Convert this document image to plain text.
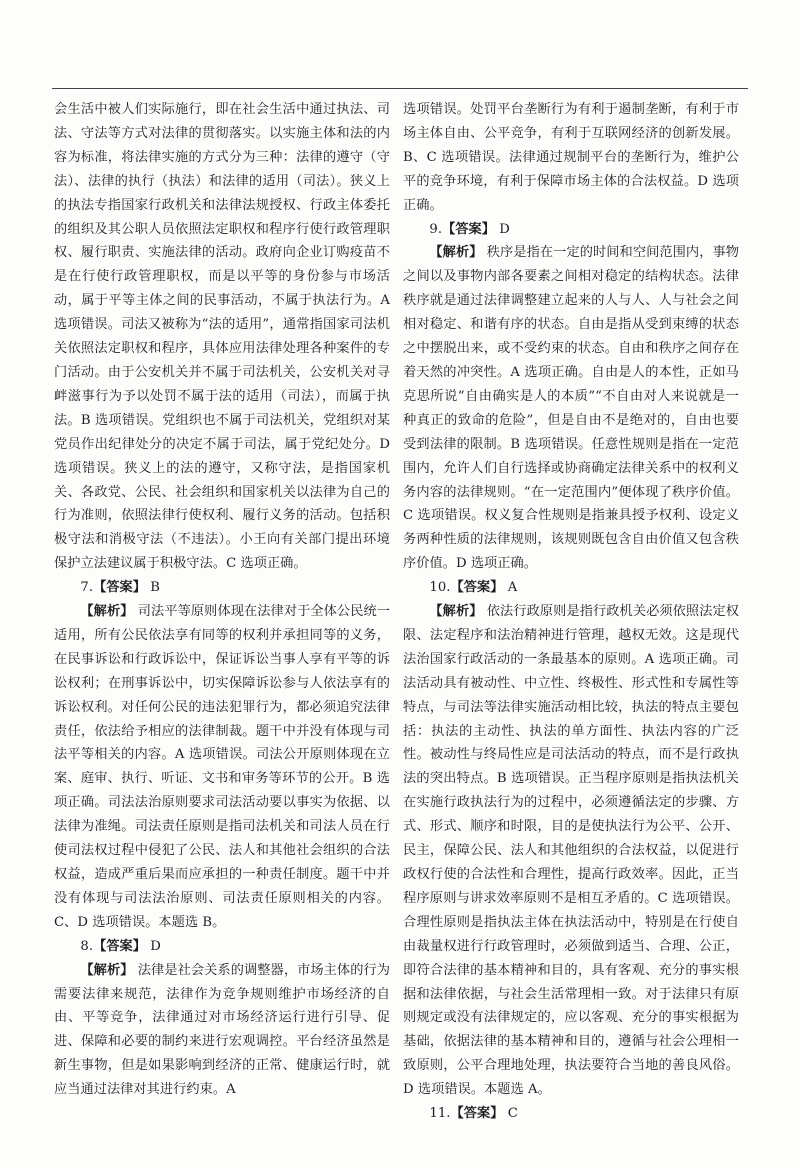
会生活中被人们实际施行，即在社会生活中通过执法、司法、守法等方式对法律的贯彻落实。以实施主体和法的内容为标准，将法律实施的方式分为三种：法律的遵守（守法）、法律的执行（执法）和法律的适用（司法）。狭义上的执法专指国家行政机关和法律法规授权、行政主体委托的组织及其公职人员依照法定职权和程序行使行政管理职权、履行职责、实施法律的活动。政府向企业订购疫苗不是在行使行政管理职权，而是以平等的身份参与市场活动，属于平等主体之间的民事活动，不属于执法行为。A 选项错误。司法又被称为“法的适用”，通常指国家司法机关依照法定职权和程序，具体应用法律处理各种案件的专门活动。由于公安机关并不属于司法机关，公安机关对寻衅滋事行为予以处罚不属于法的适用（司法），而属于执法。B 选项错误。党组织也不属于司法机关，党组织对某党员作出纪律处分的决定不属于司法，属于党纪处分。D 选项错误。狭义上的法的遵守，又称守法，是指国家机关、各政党、公民、社会组织和国家机关以法律为自己的行为准则，依照法律行使权利、履行义务的活动。包括积极守法和消极守法（不违法）。小王向有关部门提出环境保护立法建议属于积极守法。C 选项正确。

7.【答案】 B

【解析】 司法平等原则体现在法律对于全体公民统一适用，所有公民依法享有同等的权利并承担同等的义务，在民事诉讼和行政诉讼中，保证诉讼当事人享有平等的诉讼权利；在刑事诉讼中，切实保障诉讼参与人依法享有的诉讼权利。对任何公民的违法犯罪行为，都必须追究法律责任，依法给予相应的法律制裁。题干中并没有体现与司法平等相关的内容。A 选项错误。司法公开原则体现在立案、庭审、执行、听证、文书和审务等环节的公开。B 选项正确。司法法治原则要求司法活动要以事实为依据、以法律为准绳。司法责任原则是指司法机关和司法人员在行使司法权过程中侵犯了公民、法人和其他社会组织的合法权益，造成严重后果而应承担的一种责任制度。题干中并没有体现与司法法治原则、司法责任原则相关的内容。C、D 选项错误。本题选 B。

8.【答案】 D

【解析】 法律是社会关系的调整器，市场主体的行为需要法律来规范，法律作为竞争规则维护市场经济的自由、平等竞争，法律通过对市场经济运行进行引导、促进、保障和必要的制约来进行宏观调控。平台经济虽然是新生事物，但是如果影响到经济的正常、健康运行时，就应当通过法律对其进行约束。A

选项错误。处罚平台垄断行为有利于遏制垄断，有利于市场主体自由、公平竞争，有利于互联网经济的创新发展。B、C 选项错误。法律通过规制平台的垄断行为，维护公平的竞争环境，有利于保障市场主体的合法权益。D 选项正确。

9.【答案】 D

【解析】 秩序是指在一定的时间和空间范围内，事物之间以及事物内部各要素之间相对稳定的结构状态。法律秩序就是通过法律调整建立起来的人与人、人与社会之间相对稳定、和谐有序的状态。自由是指从受到束缚的状态之中摆脱出来，或不受约束的状态。自由和秩序之间存在着天然的冲突性。A 选项正确。自由是人的本性，正如马克思所说“自由确实是人的本质”“不自由对人来说就是一种真正的致命的危险”，但是自由不是绝对的，自由也要受到法律的限制。B 选项错误。任意性规则是指在一定范围内，允许人们自行选择或协商确定法律关系中的权利义务内容的法律规则。“在一定范围内”便体现了秩序价值。C 选项错误。权义复合性规则是指兼具授予权利、设定义务两种性质的法律规则，该规则既包含自由价值又包含秩序价值。D 选项正确。

10.【答案】 A

【解析】 依法行政原则是指行政机关必须依照法定权限、法定程序和法治精神进行管理，越权无效。这是现代法治国家行政活动的一条最基本的原则。A 选项正确。司法活动具有被动性、中立性、终极性、形式性和专属性等特点，与司法等法律实施活动相比较，执法的特点主要包括：执法的主动性、执法的单方面性、执法内容的广泛性。被动性与终局性应是司法活动的特点，而不是行政执法的突出特点。B 选项错误。正当程序原则是指执法机关在实施行政执法行为的过程中，必须遵循法定的步骤、方式、形式、顺序和时限，目的是使执法行为公平、公开、民主，保障公民、法人和其他组织的合法权益，以促进行政权行使的合法性和合理性，提高行政效率。因此，正当程序原则与讲求效率原则不是相互矛盾的。C 选项错误。合理性原则是指执法主体在执法活动中，特别是在行使自由裁量权进行行政管理时，必须做到适当、合理、公正，即符合法律的基本精神和目的，具有客观、充分的事实根据和法律依据，与社会生活常理相一致。对于法律只有原则规定或没有法律规定的，应以客观、充分的事实根据为基础，依据法律的基本精神和目的，遵循与社会公理相一致原则，公平合理地处理，执法要符合当地的善良风俗。D 选项错误。本题选 A。

11.【答案】 C
